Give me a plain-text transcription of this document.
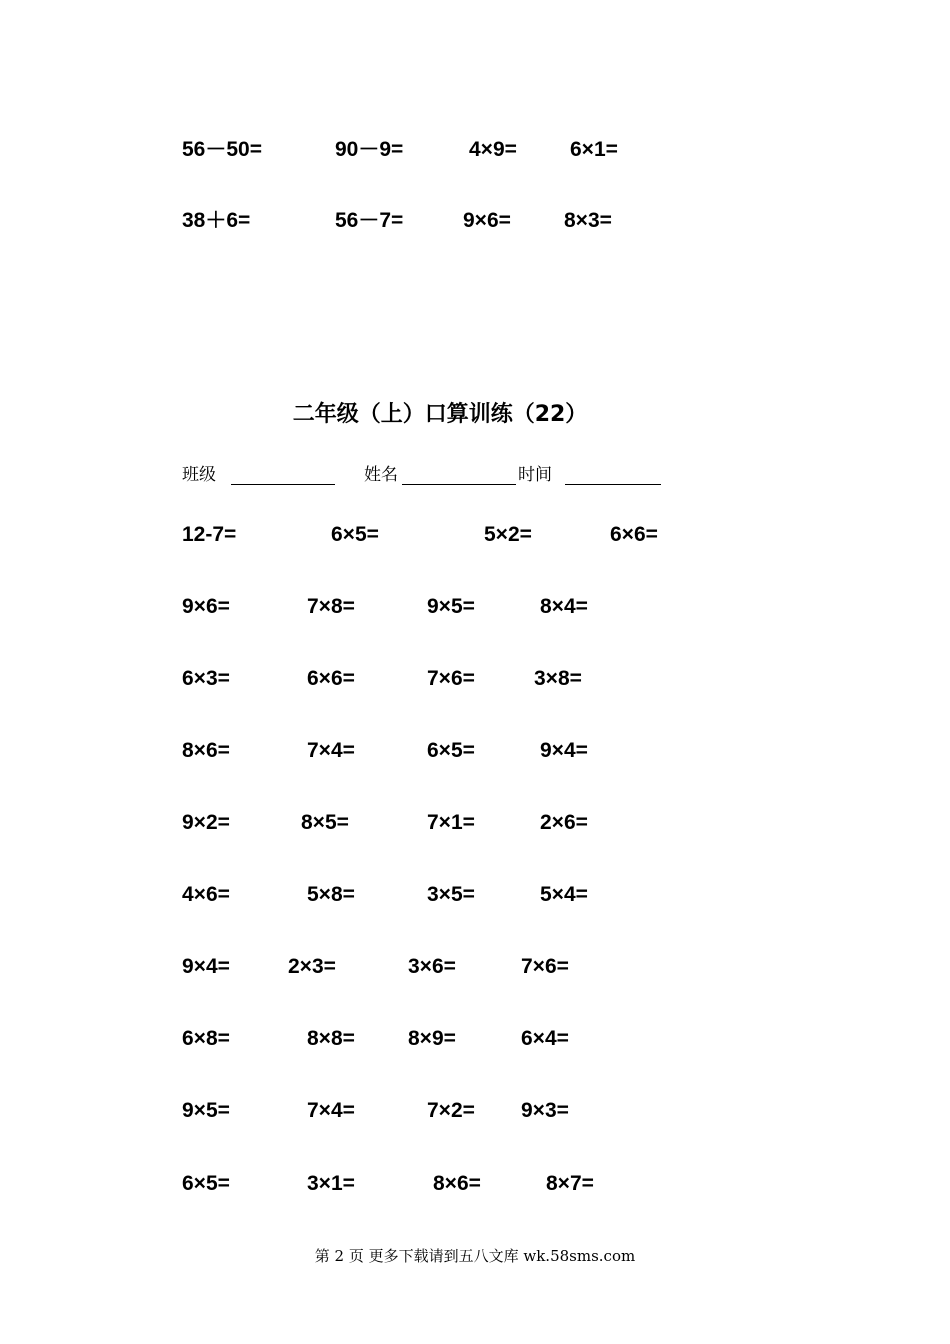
56－50=	90－9=	4×9=	6×1=
38＋6=	56－7=	9×6=	8×3=
二年级（上）口算训练（22）
班级	姓名	时间
12-7=	6×5=	5×2=	6×6=
9×6=	7×8=	9×5=	8×4=
6×3=	6×6=	7×6=	3×8=
8×6=	7×4=	6×5=	9×4=
9×2=	8×5=	7×1=	2×6=
4×6=	5×8=	3×5=	5×4=
9×4=	2×3=	3×6=	7×6=
6×8=	8×8=	8×9=	6×4=
9×5=	7×4=	7×2= 9×3=
6×5=	3×1=	8×6=	8×7=
第 2 页 更多下载请到五八文库 wk.58sms.com
